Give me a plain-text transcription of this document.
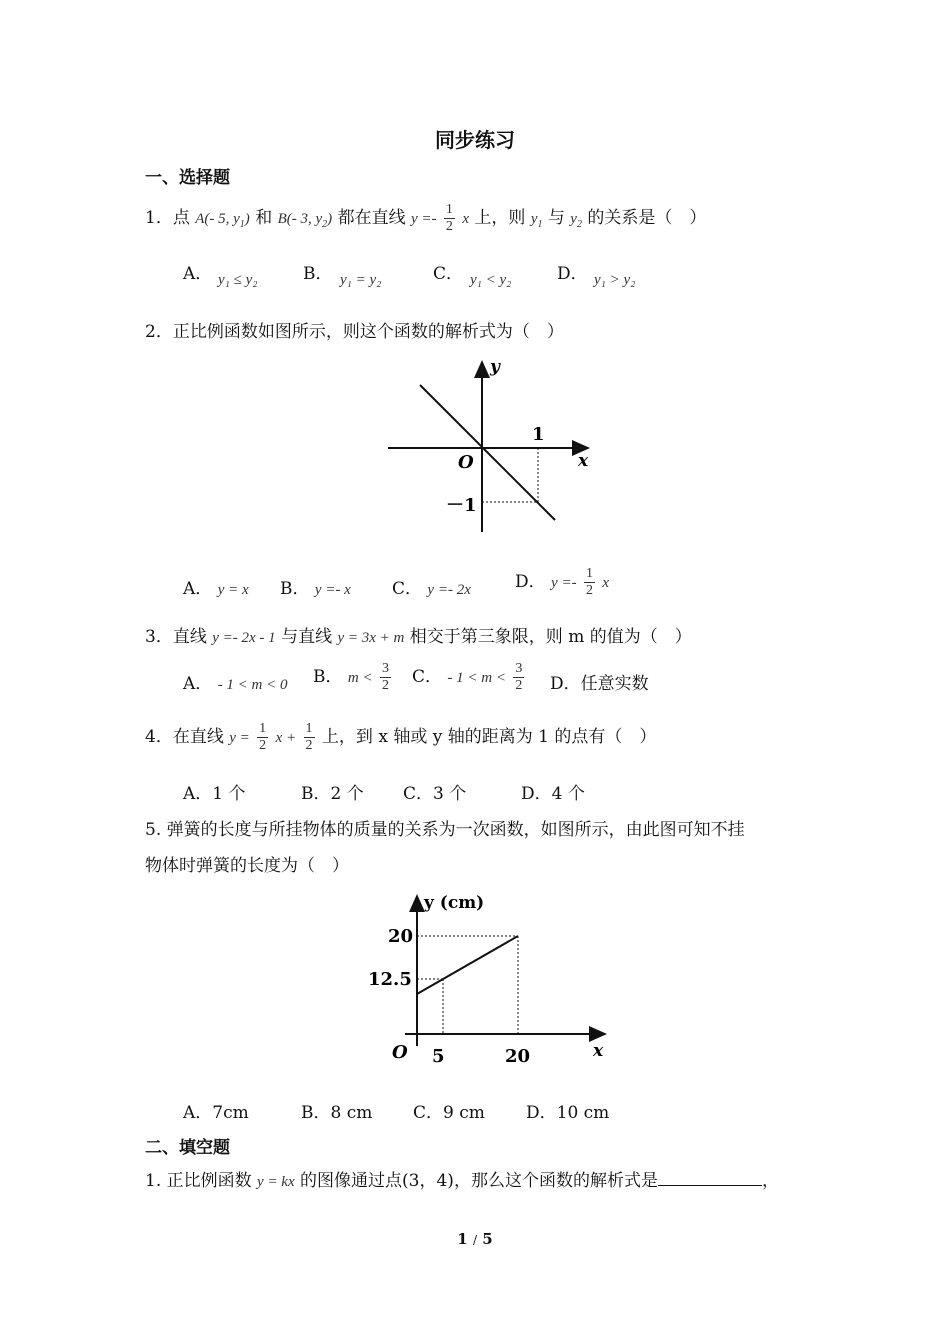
同步练习
一、选择题
1．点 A(- 5, $y_1$) 和 B(- 3, $y_2$) 都在直线 $y =- \frac{1}{2}$ x 上，则 $y_1$ 与 $y_2$ 的关系是（　）
A． y₁ ≤ y₂	B． y₁ = y₂	C． y₁ < y₂	D． y₁ > y₂
2．正比例函数如图所示，则这个函数的解析式为（　）
y
x
O
1
－1
A． y = x B． y =- x C． y =- 2x	D． $y =- \frac{1}{2}$ x
3．直线 y =- 2x - 1 与直线 y = 3x + m 相交于第三象限，则 m 的值为（　）
A． - 1 < m < 0 B． $m < \frac{3}{2}$ C． - $1 < m < \frac{3}{2}$ D．任意实数
4．在直线 $y = \frac{1}{2}$ $x + \frac{1}{2}$ 上，到 x 轴或 y 轴的距离为 1 的点有（　）
A．1 个	B．2 个 C．3 个	D．4 个
5. 弹簧的长度与所挂物体的质量的关系为一次函数，如图所示，由此图可知不挂
物体时弹簧的长度为（　）
y (cm)
x
O
20
12.5
5	20
A．7cm	B．8 cm C．9 cm D．10 cm
二、填空题
1. 正比例函数 y = kx 的图像通过点(3，4)，那么这个函数的解析式是	，
1 / 5
